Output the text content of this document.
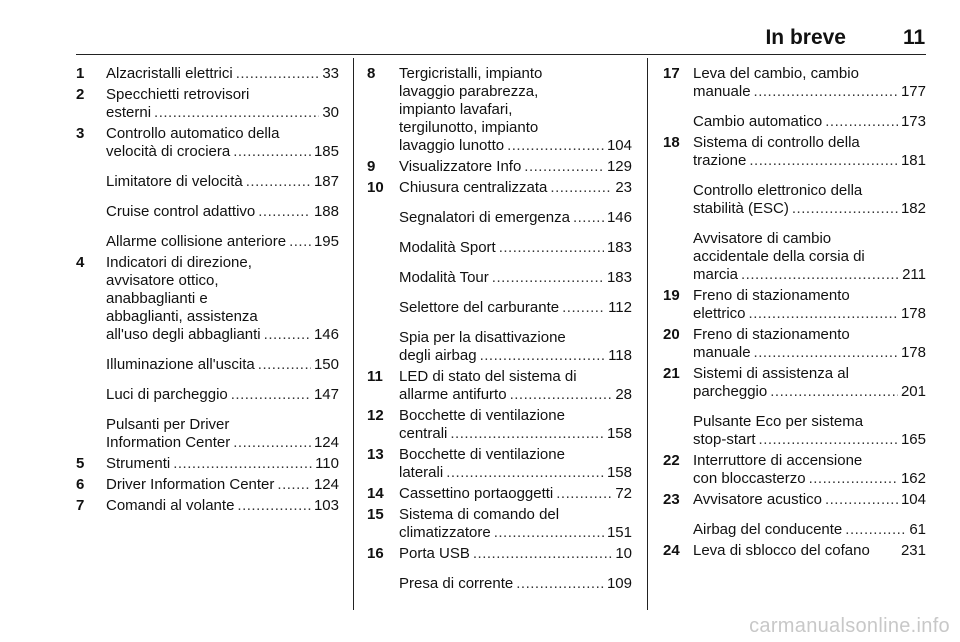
In breve	11
1	Alzacristalli elettrici .....	33
2	Specchietti retrovisori
esterni .....	30
3	Controllo automatico della
velocità di crociera .....	185
Limitatore di velocità .....	187
Cruise control adattivo .....	188
Allarme collisione anteriore ..... 195
4	Indicatori di direzione,
avvisatore ottico,
anabbaglianti e
abbaglianti, assistenza
all'uso degli abbaglianti .....	146
Illuminazione all'uscita .....	150
Luci di parcheggio .....	147
Pulsanti per Driver
Information Center .....	124
5	Strumenti .....	110
6	Driver Information Center .....	124
7	Comandi al volante .....	103
8	Tergicristalli, impianto
lavaggio parabrezza,
impianto lavafari,
tergilunotto, impianto
lavaggio lunotto .....	104
9	Visualizzatore Info .....	129
10	Chiusura centralizzata .....	23
Segnalatori di emergenza ..... 146
Modalità Sport .....	183
Modalità Tour .....	183
Selettore del carburante .....	112
Spia per la disattivazione
degli airbag .....	118
11	LED di stato del sistema di
allarme antifurto .....	28
12	Bocchette di ventilazione
centrali .....	158
13	Bocchette di ventilazione
laterali .....	158
14	Cassettino portaoggetti .....	72
15	Sistema di comando del
climatizzatore .....	151
16	Porta USB .....	10
Presa di corrente .....	109
17 Leva del cambio, cambio
manuale .....	177
Cambio automatico .....	173
18 Sistema di controllo della
trazione .....	181
Controllo elettronico della
stabilità (ESC) .....	182
Avvisatore di cambio
accidentale della corsia di
marcia .....	211
19 Freno di stazionamento
elettrico .....	178
20 Freno di stazionamento
manuale .....	178
21 Sistemi di assistenza al
parcheggio .....	201
Pulsante Eco per sistema
stop-start .....	165
22 Interruttore di accensione
con bloccasterzo .....	162
23 Avvisatore acustico .....	104
Airbag del conducente .....	61
24 Leva di sblocco del cofano 231
carmanualsonline.info
